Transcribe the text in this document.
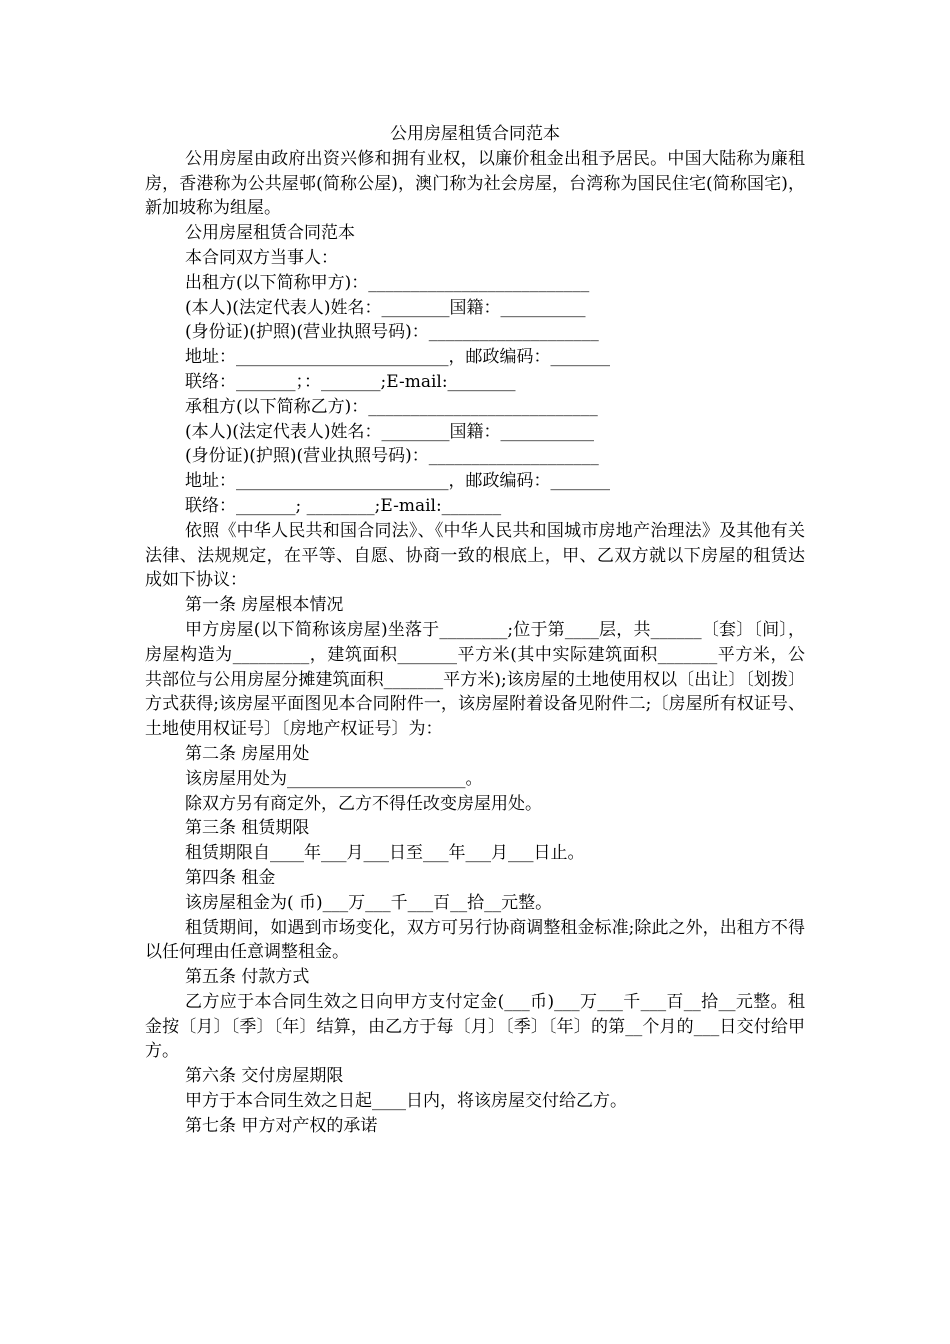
公用房屋租赁合同范本

公用房屋由政府出资兴修和拥有业权，以廉价租金出租予居民。中国大陆称为廉租房，香港称为公共屋邨(简称公屋)，澳门称为社会房屋，台湾称为国民住宅(简称国宅)，新加坡称为组屋。

公用房屋租赁合同范本

本合同双方当事人：

出租方(以下简称甲方)：__________________________

(本人)(法定代表人)姓名：________国籍：__________

(身份证)(护照)(营业执照号码)：____________________

地址：_________________________，邮政编码：_______

联络：_______；：_______;E-mail:________

承租方(以下简称乙方)：___________________________

(本人)(法定代表人)姓名：________国籍：___________

(身份证)(护照)(营业执照号码)：____________________

地址：_________________________，邮政编码：_______

联络：_______; ________;E-mail:_______

依照《中华人民共和国合同法》、《中华人民共和国城市房地产治理法》及其他有关法律、法规规定，在平等、自愿、协商一致的根底上，甲、乙双方就以下房屋的租赁达成如下协议：

第一条 房屋根本情况

甲方房屋(以下简称该房屋)坐落于________;位于第____层，共______〔套〕〔间〕，房屋构造为_________，建筑面积_______平方米(其中实际建筑面积_______平方米，公共部位与公用房屋分摊建筑面积_______平方米);该房屋的土地使用权以〔出让〕〔划拨〕方式获得;该房屋平面图见本合同附件一，该房屋附着设备见附件二;〔房屋所有权证号、土地使用权证号〕〔房地产权证号〕为：

第二条 房屋用处

该房屋用处为_____________________。

除双方另有商定外，乙方不得任改变房屋用处。

第三条 租赁期限

租赁期限自____年___月___日至___年___月___日止。

第四条 租金

该房屋租金为( 币)___万___千___百__拾__元整。

租赁期间，如遇到市场变化，双方可另行协商调整租金标准;除此之外，出租方不得以任何理由任意调整租金。

第五条 付款方式

乙方应于本合同生效之日向甲方支付定金(___币)___万___千___百__拾__元整。租金按〔月〕〔季〕〔年〕结算，由乙方于每〔月〕〔季〕〔年〕的第__个月的___日交付给甲方。

第六条 交付房屋期限

甲方于本合同生效之日起____日内，将该房屋交付给乙方。

第七条 甲方对产权的承诺
